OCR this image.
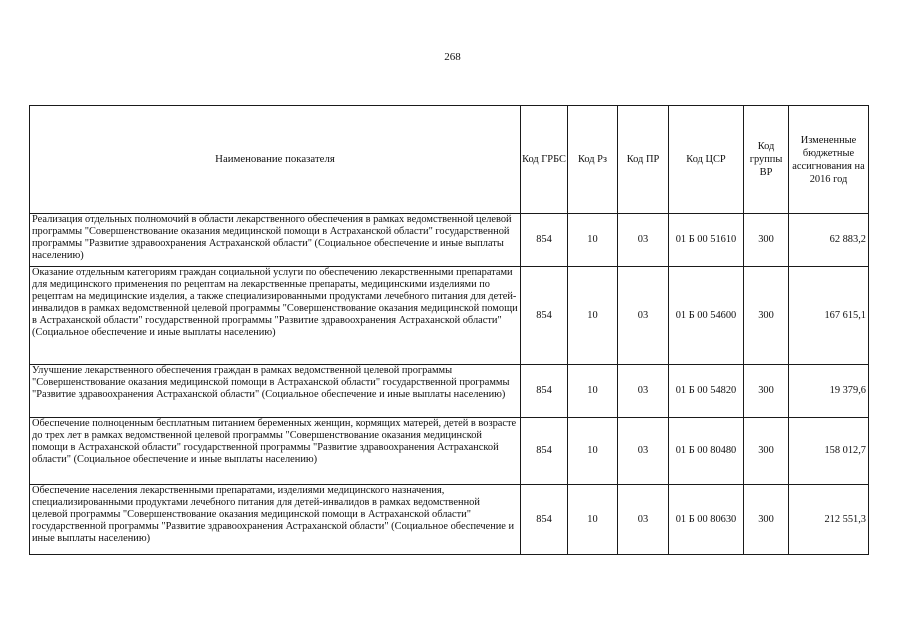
268
Наименование показателя	Код ГРБС	Код Рз	Код ПР	Код ЦСР	Код группы ВР	Измененные бюджетные ассигнования на 2016 год
Реализация отдельных полномочий в области лекарственного обеспечения в рамках ведомственной целевой программы "Совершенствование оказания медицинской помощи в Астраханской области" государственной программы "Развитие здравоохранения Астраханской области" (Социальное обеспечение и иные выплаты населению)	854	10	03	01 Б 00 51610	300	62 883,2
Оказание отдельным категориям граждан социальной услуги по обеспечению лекарственными препаратами для медицинского применения по рецептам на лекарственные препараты, медицинскими изделиями по рецептам на медицинские изделия, а также специализированными продуктами лечебного питания для детей-инвалидов в рамках ведомственной целевой программы "Совершенствование оказания медицинской помощи в Астраханской области" государственной программы "Развитие здравоохранения Астраханской области" (Социальное обеспечение и иные выплаты населению)	854	10	03	01 Б 00 54600	300	167 615,1
Улучшение лекарственного обеспечения граждан в рамках ведомственной целевой программы "Совершенствование оказания медицинской помощи в Астраханской области" государственной программы "Развитие здравоохранения Астраханской области" (Социальное обеспечение и иные выплаты населению)	854	10	03	01 Б 00 54820	300	19 379,6
Обеспечение полноценным бесплатным питанием беременных женщин, кормящих матерей, детей в возрасте до трех лет в рамках ведомственной целевой программы "Совершенствование оказания медицинской помощи в Астраханской области" государственной программы "Развитие здравоохранения Астраханской области" (Социальное обеспечение и иные выплаты населению)	854	10	03	01 Б 00 80480	300	158 012,7
Обеспечение населения лекарственными препаратами, изделиями медицинского назначения, специализированными продуктами лечебного питания для детей-инвалидов в рамках ведомственной целевой программы "Совершенствование оказания медицинской помощи в Астраханской области" государственной программы "Развитие здравоохранения Астраханской области" (Социальное обеспечение и иные выплаты населению)	854	10	03	01 Б 00 80630	300	212 551,3
